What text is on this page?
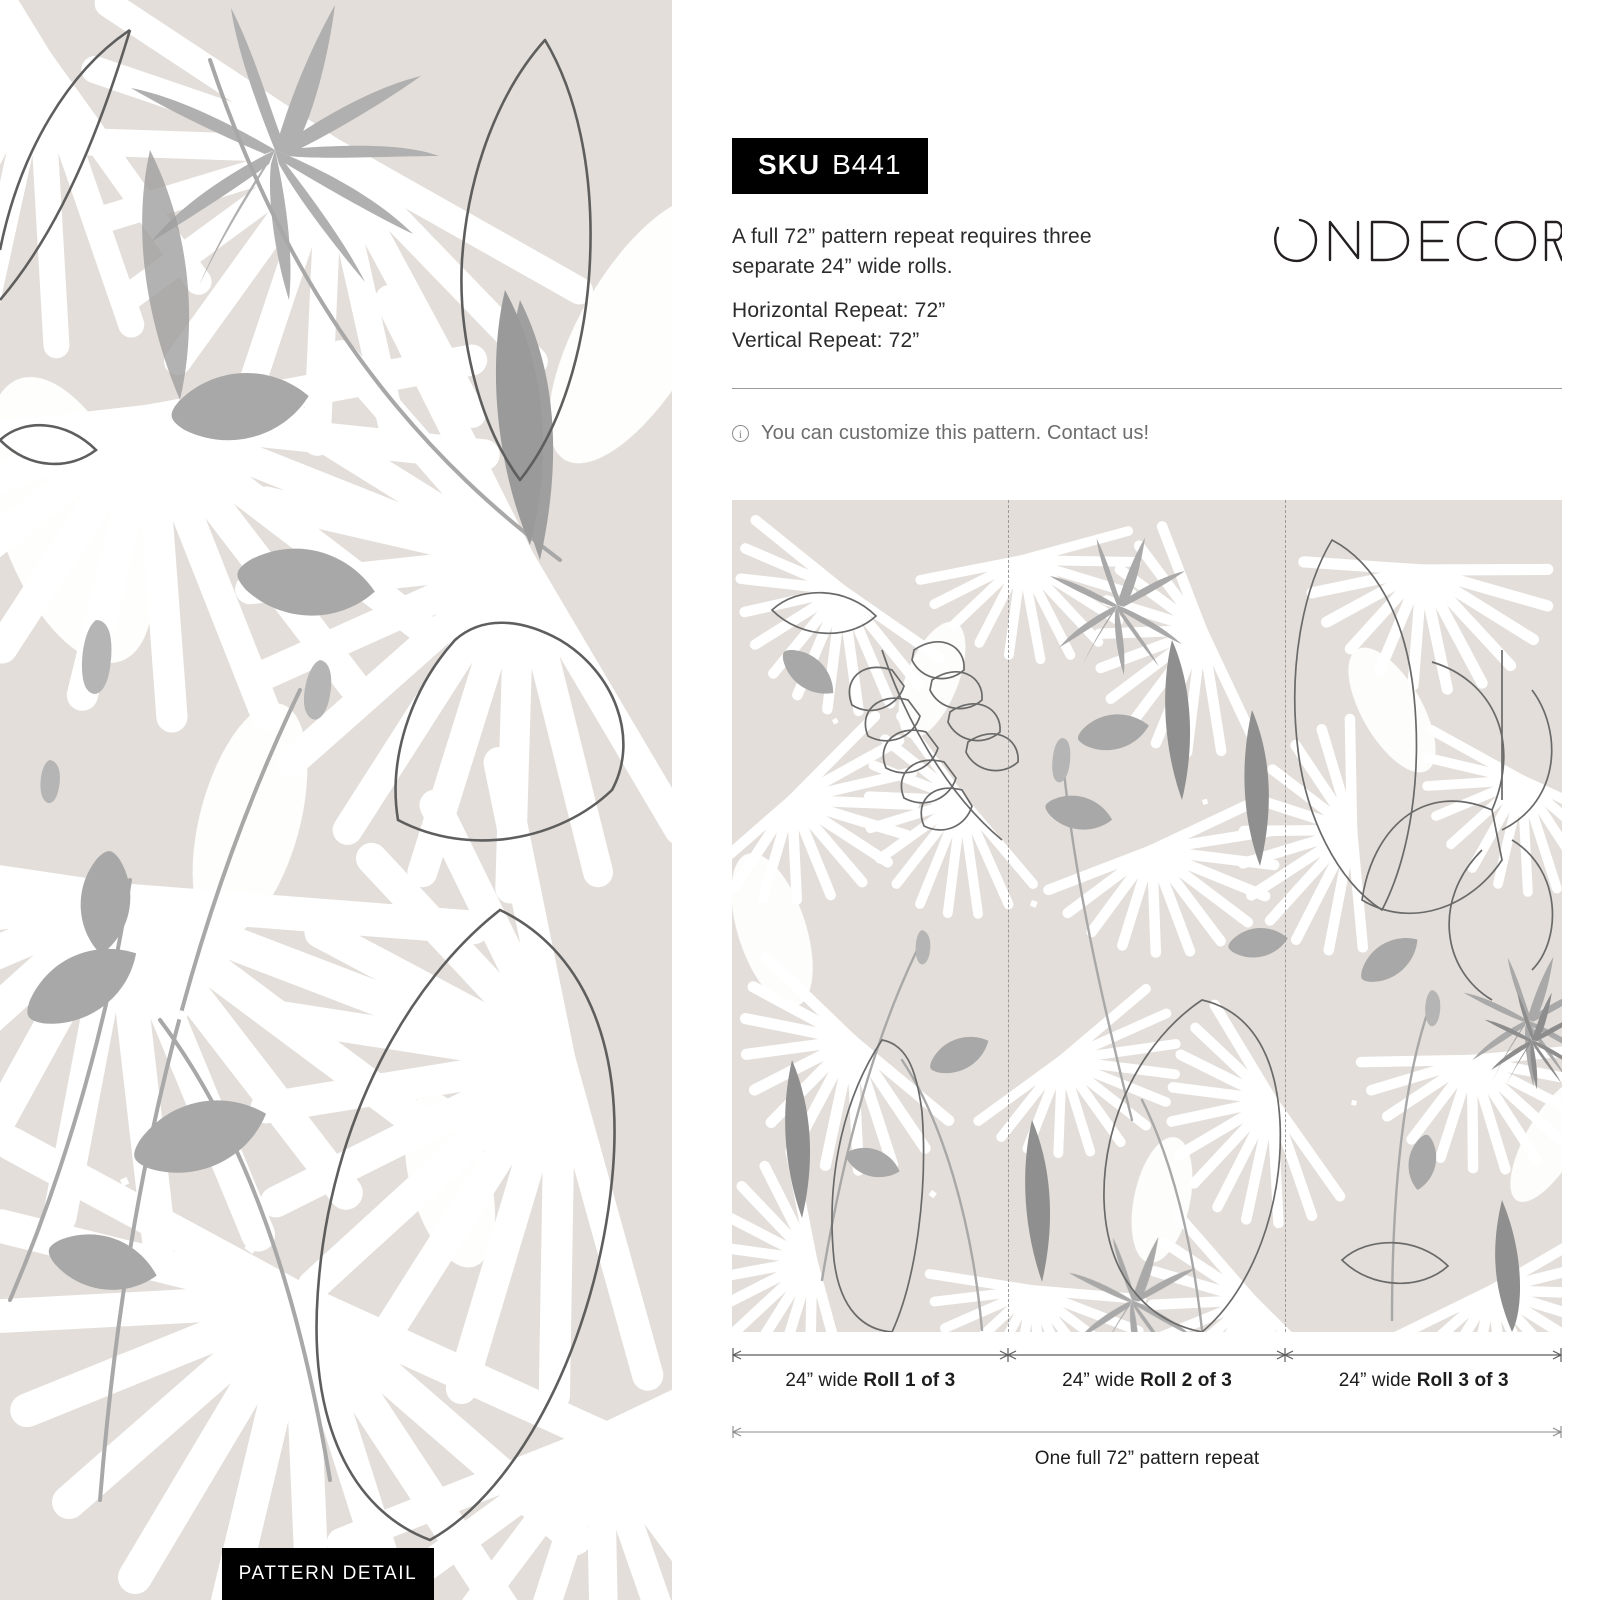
PATTERN DETAIL
SKU B441
A full 72” pattern repeat requires three separate 24” wide rolls.
Horizontal Repeat: 72”
Vertical Repeat: 72”
i You can customize this pattern. Contact us!
24” wide Roll 1 of 3	24” wide Roll 2 of 3	24” wide Roll 3 of 3
One full 72” pattern repeat
